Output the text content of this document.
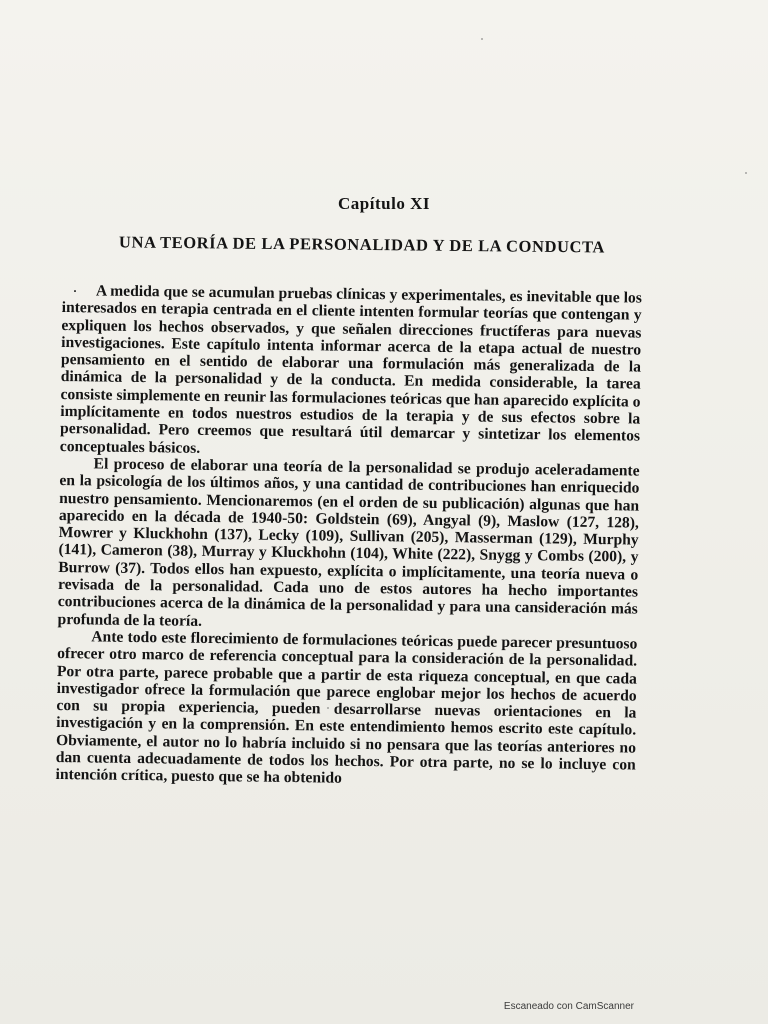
Capítulo XI
UNA TEORÍA DE LA PERSONALIDAD Y DE LA CONDUCTA
·	A medida que se acumulan pruebas clínicas y experimentales, es inevitable que los interesados en terapia centrada en el cliente intenten formular teorías que contengan y expliquen los hechos observados, y que señalen direcciones fructíferas para nuevas investigaciones. Este capítulo intenta informar acerca de la etapa actual de nuestro pensamiento en el sentido de elaborar una formulación más generalizada de la dinámica de la personalidad y de la conducta. En medida considerable, la tarea consiste simplemente en reunir las formulaciones teóricas que han aparecido explícita o implícitamente en todos nuestros estudios de la terapia y de sus efectos sobre la personalidad. Pero creemos que resultará útil demarcar y sintetizar los elementos conceptuales básicos.

El proceso de elaborar una teoría de la personalidad se produjo aceleradamente en la psicología de los últimos años, y una cantidad de contribuciones han enriquecido nuestro pensamiento. Mencionaremos (en el orden de su publicación) algunas que han aparecido en la década de 1940-50: Goldstein (69), Angyal (9), Maslow (127, 128), Mowrer y Kluckhohn (137), Lecky (109), Sullivan (205), Masserman (129), Murphy (141), Cameron (38), Murray y Kluckhohn (104), White (222), Snygg y Combs (200), y Burrow (37). Todos ellos han expuesto, explícita o implícitamente, una teoría nueva o revisada de la personalidad. Cada uno de estos autores ha hecho importantes contribuciones acerca de la dinámica de la personalidad y para una cansideración más profunda de la teoría.

Ante todo este florecimiento de formulaciones teóricas puede parecer presuntuoso ofrecer otro marco de referencia conceptual para la consideración de la personalidad. Por otra parte, parece probable que a partir de esta riqueza conceptual, en que cada investigador ofrece la formulación que parece englobar mejor los hechos de acuerdo con su propia experiencia, pueden desarrollarse nuevas orientaciones en la investigación y en la comprensión. En este entendimiento hemos escrito este capítulo. Obviamente, el autor no lo habría incluido si no pensara que las teorías anteriores no dan cuenta adecuadamente de todos los hechos. Por otra parte, no se lo incluye con intención crítica, puesto que se ha obtenido

Escaneado con CamScanner
